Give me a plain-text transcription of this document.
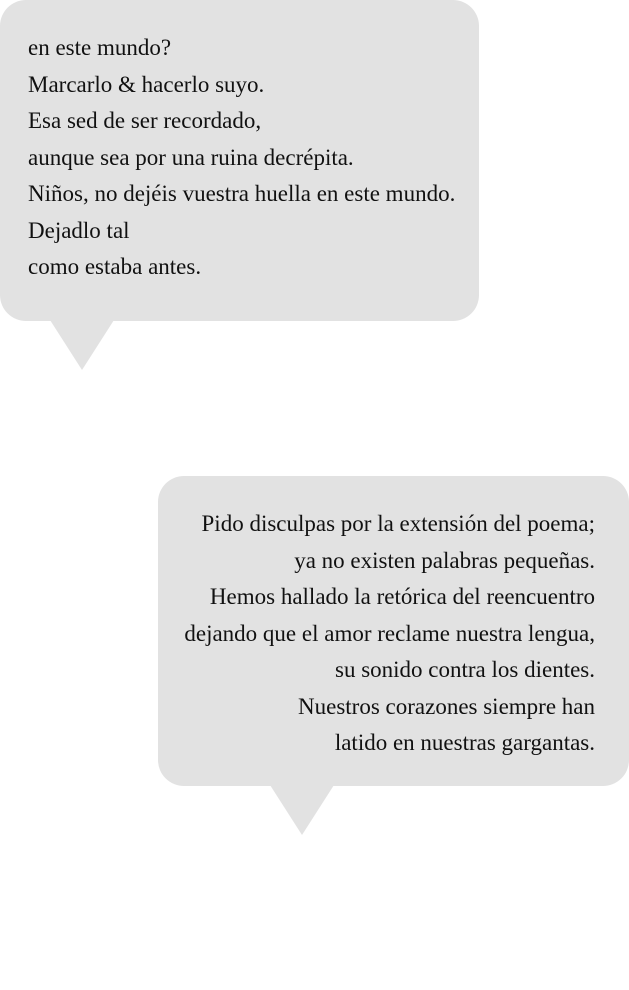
en este mundo?
Marcarlo & hacerlo suyo.
Esa sed de ser recordado,
aunque sea por una ruina decrépita.
Niños, no dejéis vuestra huella en este mundo.
Dejadlo tal
como estaba antes.
Pido disculpas por la extensión del poema;
ya no existen palabras pequeñas.
Hemos hallado la retórica del reencuentro
dejando que el amor reclame nuestra lengua,
su sonido contra los dientes.
Nuestros corazones siempre han
latido en nuestras gargantas.
